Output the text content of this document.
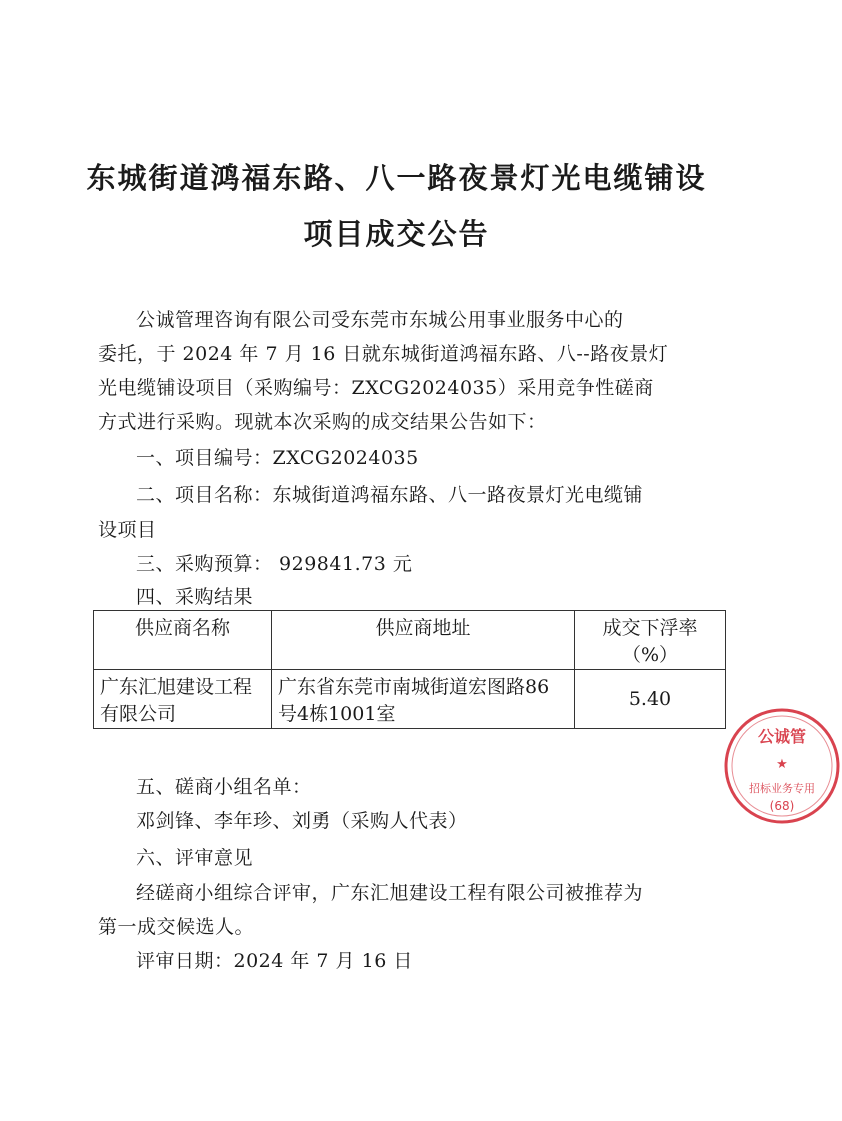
东城街道鸿福东路、八一路夜景灯光电缆铺设
项目成交公告
公诚管理咨询有限公司受东莞市东城公用事业服务中心的
委托，于 2024 年 7 月 16 日就东城街道鸿福东路、八--路夜景灯
光电缆铺设项目（采购编号：ZXCG2024035）采用竞争性磋商
方式进行采购。现就本次采购的成交结果公告如下：
一、项目编号：ZXCG2024035
二、项目名称：东城街道鸿福东路、八一路夜景灯光电缆铺
设项目
三、采购预算： 929841.73 元
四、采购结果
供应商名称	供应商地址	成交下浮率（%）
广东汇旭建设工程有限公司	广东省东莞市南城街道宏图路86号4栋1001室	5.40
五、磋商小组名单：
邓剑锋、李年珍、刘勇（采购人代表）
六、评审意见
经磋商小组综合评审，广东汇旭建设工程有限公司被推荐为
第一成交候选人。
评审日期：2024 年 7 月 16 日
公诚管
★
招标业务专用
(68)
